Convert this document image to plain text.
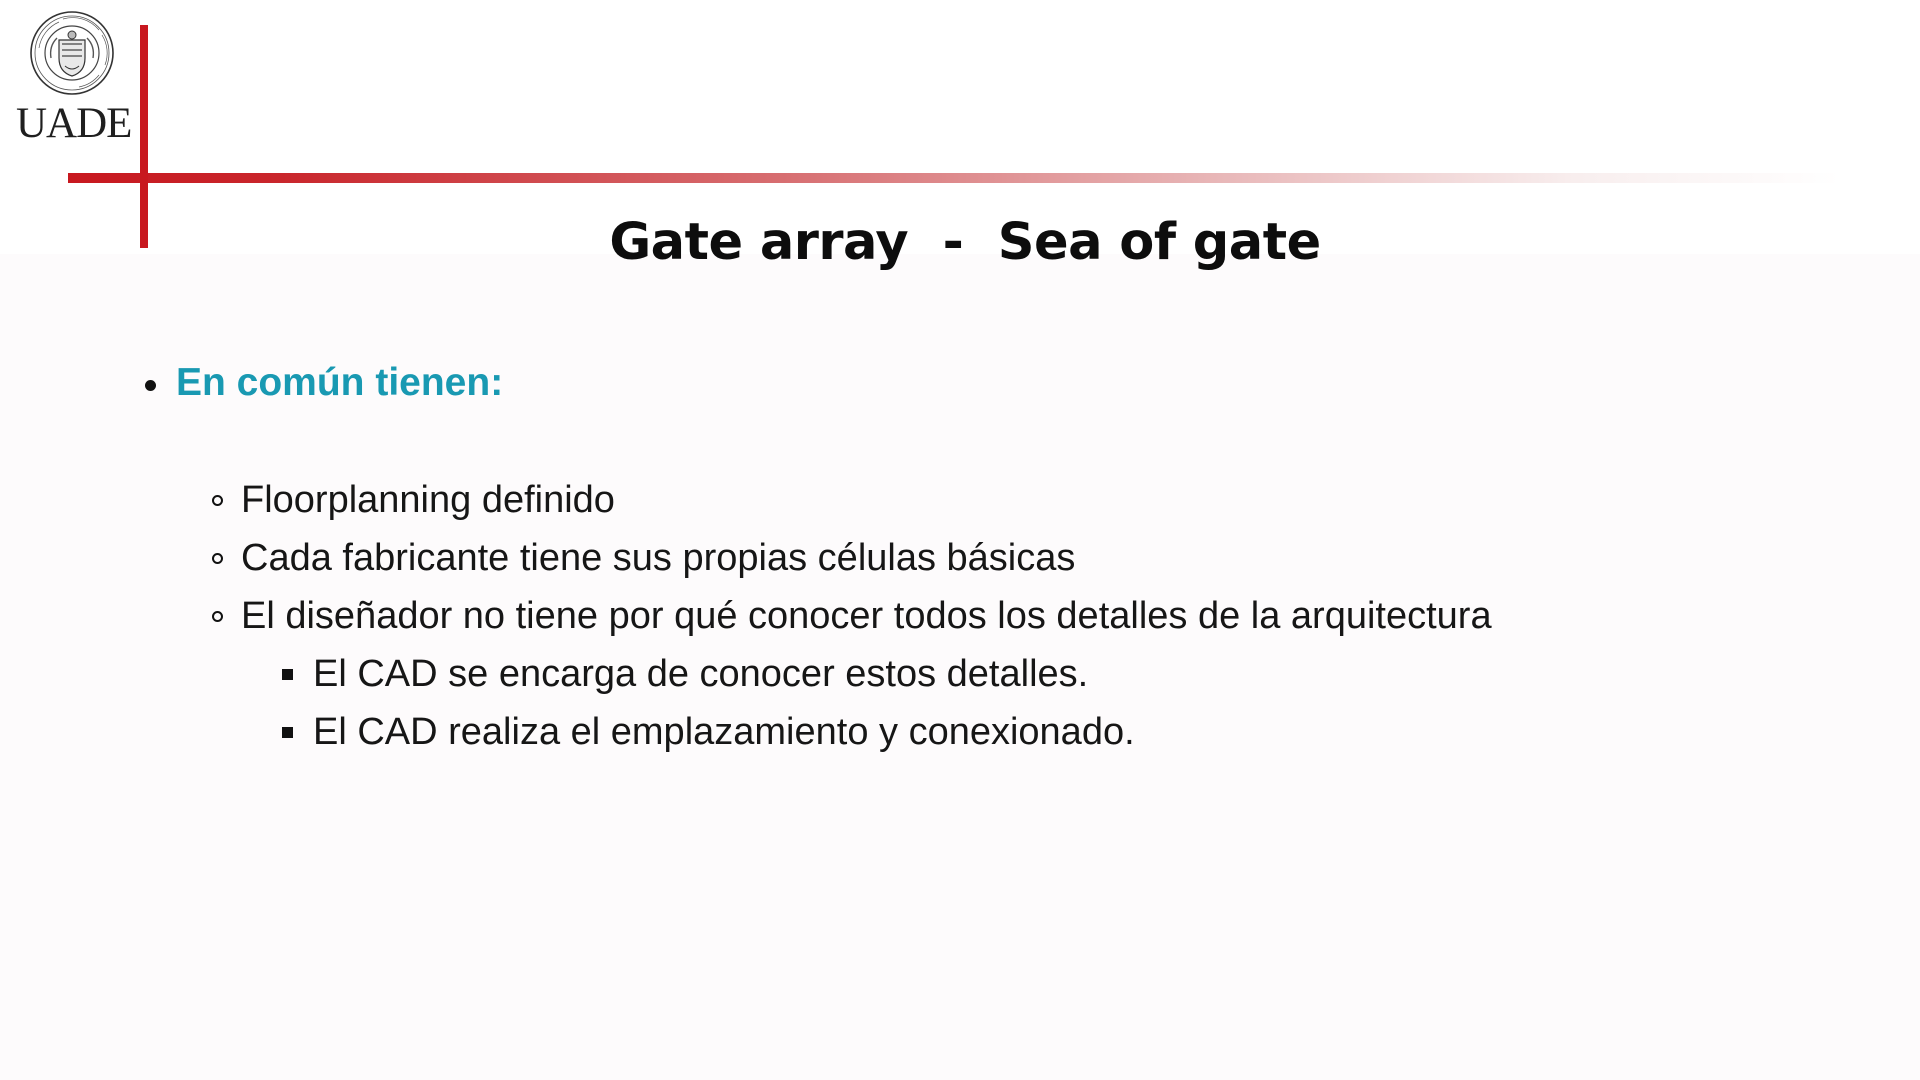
UADE
Gate array  -  Sea of gate
En común tienen:
Floorplanning definido
Cada fabricante tiene sus propias células básicas
El diseñador no tiene por qué conocer todos los detalles de la arquitectura
El CAD se encarga de conocer estos detalles.
El CAD realiza el emplazamiento y conexionado.
